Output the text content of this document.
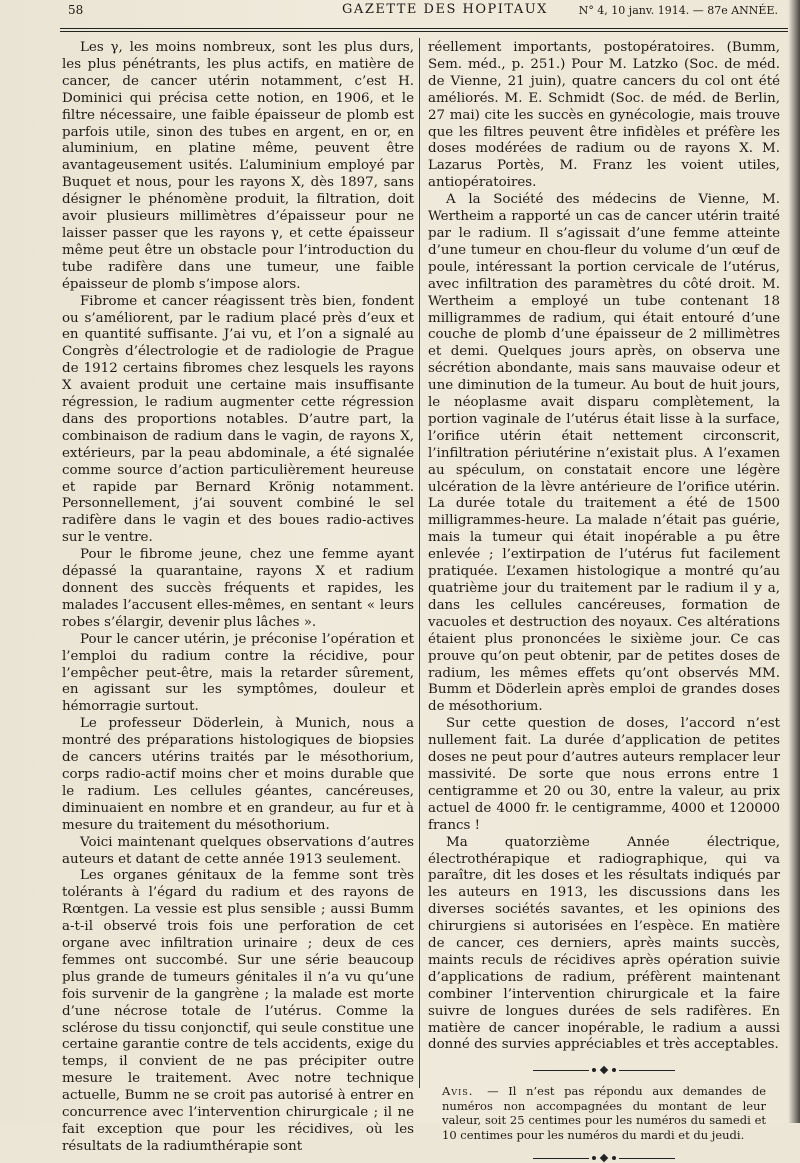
58	GAZETTE DES HOPITAUX	N° 4, 10 janv. 1914. — 87e ANNÉE.

Les γ, les moins nombreux, sont les plus durs, les plus pénétrants, les plus actifs, en matière de cancer, de cancer utérin notamment, c’est H. Dominici qui précisa cette notion, en 1906, et le filtre nécessaire, une faible épaisseur de plomb est parfois utile, sinon des tubes en argent, en or, en aluminium, en platine même, peuvent être avantageusement usités. L’aluminium employé par Buquet et nous, pour les rayons X, dès 1897, sans désigner le phénomène produit, la filtration, doit avoir plusieurs millimètres d’épaisseur pour ne laisser passer que les rayons γ, et cette épaisseur même peut être un obstacle pour l’introduction du tube radifère dans une tumeur, une faible épaisseur de plomb s’impose alors.

Fibrome et cancer réagissent très bien, fondent ou s’améliorent, par le radium placé près d’eux et en quantité suffisante. J’ai vu, et l’on a signalé au Congrès d’électrologie et de radiologie de Prague de 1912 certains fibromes chez lesquels les rayons X avaient produit une certaine mais insuffisante régression, le radium augmenter cette régression dans des proportions notables. D’autre part, la combinaison de radium dans le vagin, de rayons X, extérieurs, par la peau abdominale, a été signalée comme source d’action particulièrement heureuse et rapide par Bernard Krönig notamment. Personnellement, j’ai souvent combiné le sel radifère dans le vagin et des boues radio-actives sur le ventre.

Pour le fibrome jeune, chez une femme ayant dépassé la quarantaine, rayons X et radium donnent des succès fréquents et rapides, les malades l’accusent elles-mêmes, en sentant « leurs robes s’élargir, devenir plus lâches ».

Pour le cancer utérin, je préconise l’opération et l’emploi du radium contre la récidive, pour l’empêcher peut-être, mais la retarder sûrement, en agissant sur les symptômes, douleur et hémorragie surtout.

Le professeur Döderlein, à Munich, nous a montré des préparations histologiques de biopsies de cancers utérins traités par le mésothorium, corps radio-actif moins cher et moins durable que le radium. Les cellules géantes, cancéreuses, diminuaient en nombre et en grandeur, au fur et à mesure du traitement du mésothorium.

Voici maintenant quelques observations d’autres auteurs et datant de cette année 1913 seulement.

Les organes génitaux de la femme sont très tolérants à l’égard du radium et des rayons de Rœntgen. La vessie est plus sensible ; aussi Bumm a-t-il observé trois fois une perforation de cet organe avec infiltration urinaire ; deux de ces femmes ont succombé. Sur une série beaucoup plus grande de tumeurs génitales il n’a vu qu’une fois survenir de la gangrène ; la malade est morte d’une nécrose totale de l’utérus. Comme la sclérose du tissu conjonctif, qui seule constitue une certaine garantie contre de tels accidents, exige du temps, il convient de ne pas précipiter outre mesure le traitement. Avec notre technique actuelle, Bumm ne se croit pas autorisé à entrer en concurrence avec l’intervention chirurgicale ; il ne fait exception que pour les récidives, où les résultats de la radiumthérapie sont

réellement importants, postopératoires. (Bumm, Sem. méd., p. 251.) Pour M. Latzko (Soc. de méd. de Vienne, 21 juin), quatre cancers du col ont été améliorés. M. E. Schmidt (Soc. de méd. de Berlin, 27 mai) cite les succès en gynécologie, mais trouve que les filtres peuvent être infidèles et préfère les doses modérées de radium ou de rayons X. M. Lazarus Portès, M. Franz les voient utiles, antiopératoires.

A la Société des médecins de Vienne, M. Wertheim a rapporté un cas de cancer utérin traité par le radium. Il s’agissait d’une femme atteinte d’une tumeur en chou-fleur du volume d’un œuf de poule, intéressant la portion cervicale de l’utérus, avec infiltration des paramètres du côté droit. M. Wertheim a employé un tube contenant 18 milligrammes de radium, qui était entouré d’une couche de plomb d’une épaisseur de 2 millimètres et demi. Quelques jours après, on observa une sécrétion abondante, mais sans mauvaise odeur et une diminution de la tumeur. Au bout de huit jours, le néoplasme avait disparu complètement, la portion vaginale de l’utérus était lisse à la surface, l’orifice utérin était nettement circonscrit, l’infiltration périutérine n’existait plus. A l’examen au spéculum, on constatait encore une légère ulcération de la lèvre antérieure de l’orifice utérin. La durée totale du traitement a été de 1500 milligrammes-heure. La malade n’était pas guérie, mais la tumeur qui était inopérable a pu être enlevée ; l’extirpation de l’utérus fut facilement pratiquée. L’examen histologique a montré qu’au quatrième jour du traitement par le radium il y a, dans les cellules cancéreuses, formation de vacuoles et destruction des noyaux. Ces altérations étaient plus prononcées le sixième jour. Ce cas prouve qu’on peut obtenir, par de petites doses de radium, les mêmes effets qu’ont observés MM. Bumm et Döderlein après emploi de grandes doses de mésothorium.

Sur cette question de doses, l’accord n’est nullement fait. La durée d’application de petites doses ne peut pour d’autres auteurs remplacer leur massivité. De sorte que nous errons entre 1 centigramme et 20 ou 30, entre la valeur, au prix actuel de 4000 fr. le centigramme, 4000 et 120000 francs !

Ma quatorzième Année électrique, électrothérapique et radiographique, qui va paraître, dit les doses et les résultats indiqués par les auteurs en 1913, les discussions dans les diverses sociétés savantes, et les opinions des chirurgiens si autorisées en l’espèce. En matière de cancer, ces derniers, après maints succès, maints reculs de récidives après opération suivie d’applications de radium, préfèrent maintenant combiner l’intervention chirurgicale et la faire suivre de longues durées de sels radifères. En matière de cancer inopérable, le radium a aussi donné des survies appréciables et très acceptables.

Avis. — Il n’est pas répondu aux demandes de numéros non accompagnées du montant de leur valeur, soit 25 centimes pour les numéros du samedi et 10 centimes pour les numéros du mardi et du jeudi.
